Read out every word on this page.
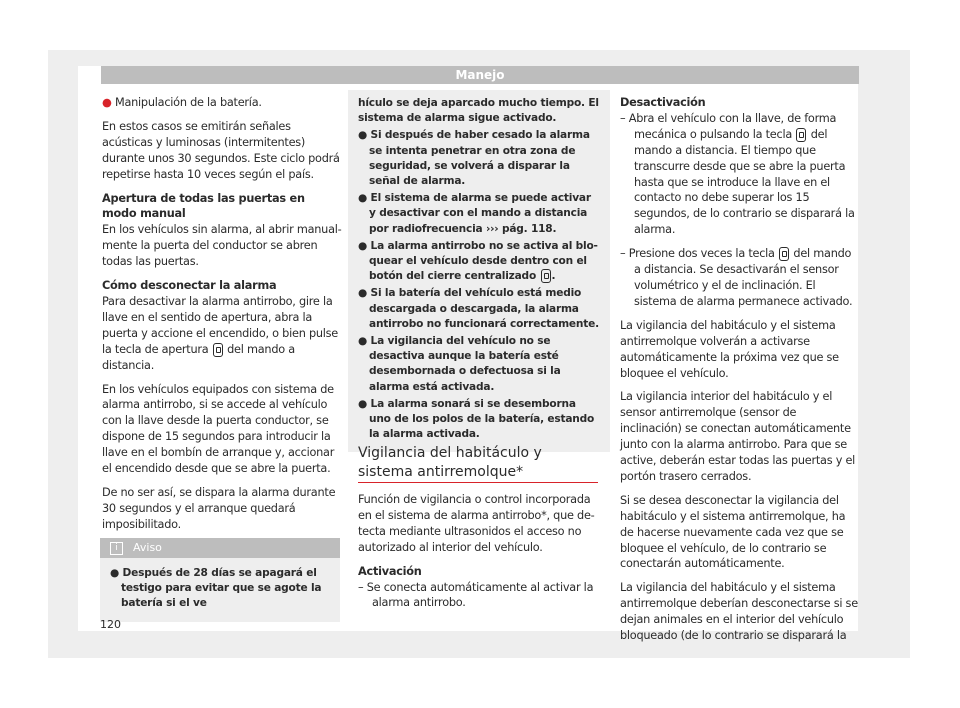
Manejo

● Manipulación de la batería.

En estos casos se emitirán señales acústicas y luminosas (intermitentes) durante unos 30 segundos. Este ciclo podrá repetirse hasta 10 veces según el país.

Apertura de todas las puertas en modo manual

En los vehículos sin alarma, al abrir manualmente la puerta del conductor se abren todas las puertas.

Cómo desconectar la alarma

Para desactivar la alarma antirrobo, gire la llave en el sentido de apertura, abra la puerta y accione el encendido, o bien pulse la tecla de apertura del mando a distancia.

En los vehículos equipados con sistema de alarma antirrobo, si se accede al vehículo con la llave desde la puerta conductor, se dispone de 15 segundos para introducir la llave en el bombín de arranque y, accionar el encendido desde que se abre la puerta.

De no ser así, se dispara la alarma durante 30 segundos y el arranque quedará imposibilitado.

i Aviso
● Después de 28 días se apagará el testigo para evitar que se agote la batería si el ve
hículo se deja aparcado mucho tiempo. El sistema de alarma sigue activado.
● Si después de haber cesado la alarma se intenta penetrar en otra zona de seguridad, se volverá a disparar la señal de alarma.
● El sistema de alarma se puede activar y desactivar con el mando a distancia por radiofrecuencia ››› pág. 118.
● La alarma antirrobo no se activa al bloquear el vehículo desde dentro con el botón del cierre centralizado .
● Si la batería del vehículo está medio descargada o descargada, la alarma antirrobo no funcionará correctamente.
● La vigilancia del vehículo no se desactiva aunque la batería esté desembornada o defectuosa si la alarma está activada.
● La alarma sonará si se desemborna uno de los polos de la batería, estando la alarma activada.
Vigilancia del habitáculo y sistema antirremolque*

Función de vigilancia o control incorporada en el sistema de alarma antirrobo*, que detecta mediante ultrasonidos el acceso no autorizado al interior del vehículo.

Activación

– Se conecta automáticamente al activar la alarma antirrobo.

Desactivación

– Abra el vehículo con la llave, de forma mecánica o pulsando la tecla del mando a distancia. El tiempo que transcurre desde que se abre la puerta hasta que se introduce la llave en el contacto no debe superar los 15 segundos, de lo contrario se disparará la alarma.

– Presione dos veces la tecla del mando a distancia. Se desactivarán el sensor volumétrico y el de inclinación. El sistema de alarma permanece activado.

La vigilancia del habitáculo y el sistema antirremolque volverán a activarse automáticamente la próxima vez que se bloquee el vehículo.

La vigilancia interior del habitáculo y el sensor antirremolque (sensor de inclinación) se conectan automáticamente junto con la alarma antirrobo. Para que se active, deberán estar todas las puertas y el portón trasero cerrados.

Si se desea desconectar la vigilancia del habitáculo y el sistema antirremolque, ha de hacerse nuevamente cada vez que se bloquee el vehículo, de lo contrario se conectarán automáticamente.

La vigilancia del habitáculo y el sistema antirremolque deberían desconectarse si se dejan animales en el interior del vehículo bloqueado (de lo contrario se disparará la

120
